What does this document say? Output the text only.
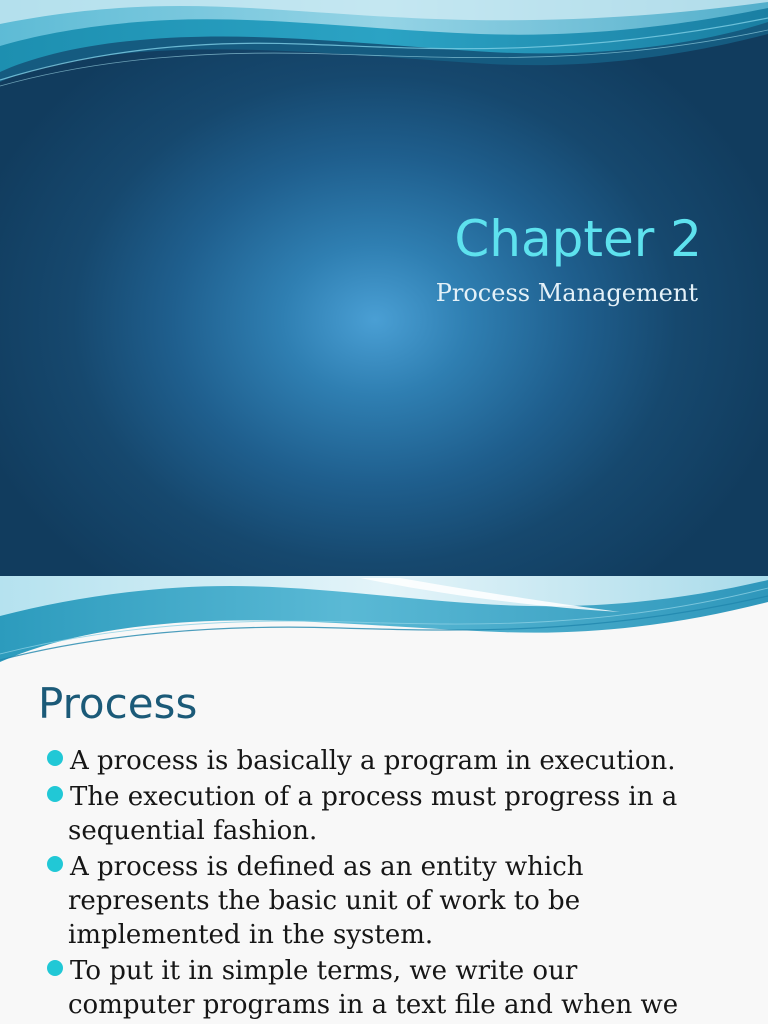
Chapter 2

Process Management

Process
A process is basically a program in execution.
The execution of a process must progress in a
sequential fashion.
A process is defined as an entity which
represents the basic unit of work to be
implemented in the system.
To put it in simple terms, we write our
computer programs in a text file and when we
